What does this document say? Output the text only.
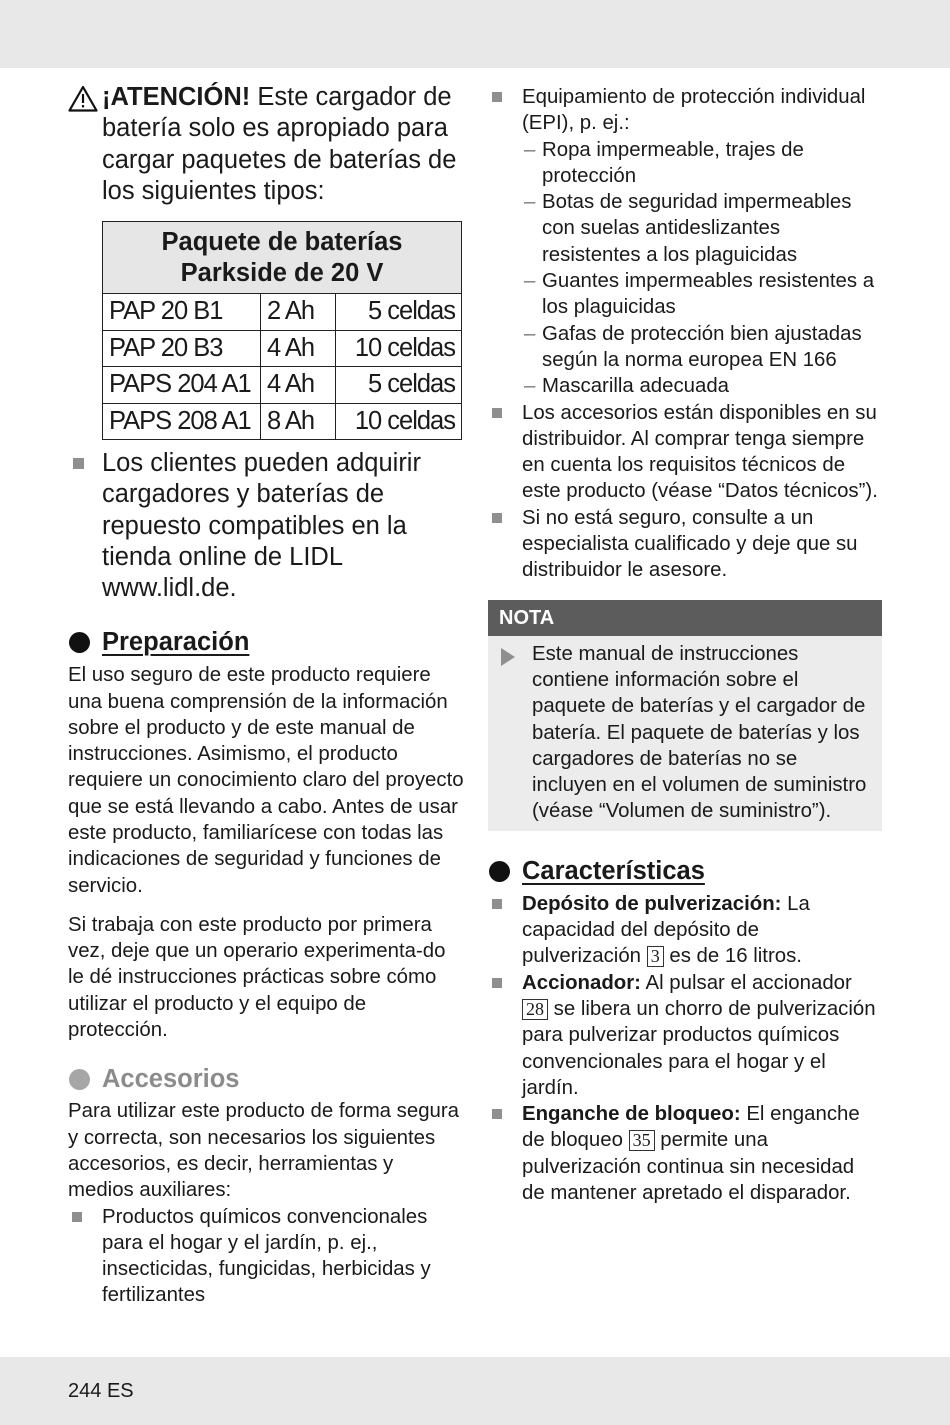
¡ATENCIÓN! Este cargador de batería solo es apropiado para cargar paquetes de baterías de los siguientes tipos:
Paquete de baterías
Parkside de 20 V		
PAP 20 B1	2 Ah	5 celdas
PAP 20 B3	4 Ah	10 celdas
PAPS 204 A1	4 Ah	5 celdas
PAPS 208 A1	8 Ah	10 celdas
Los clientes pueden adquirir cargadores y baterías de repuesto compatibles en la tienda online de LIDL www.lidl.de.
Preparación

El uso seguro de este producto requiere una buena comprensión de la información sobre el producto y de este manual de instrucciones. Asimismo, el producto requiere un conocimiento claro del proyecto que se está llevando a cabo. Antes de usar este producto, familiarícese con todas las indicaciones de seguridad y funciones de servicio.

Si trabaja con este producto por primera vez, deje que un operario experimenta-do le dé instrucciones prácticas sobre cómo utilizar el producto y el equipo de protección.

Accesorios

Para utilizar este producto de forma segura y correcta, son necesarios los siguientes accesorios, es decir, herramientas y medios auxiliares:

Productos químicos convencionales para el hogar y el jardín, p. ej., insecticidas, fungicidas, herbicidas y fertilizantes
Equipamiento de protección individual (EPI), p. ej.:
– Ropa impermeable, trajes de protección
– Botas de seguridad impermeables con suelas antideslizantes resistentes a los plaguicidas
– Guantes impermeables resistentes a los plaguicidas
– Gafas de protección bien ajustadas según la norma europea EN 166
– Mascarilla adecuada
Los accesorios están disponibles en su distribuidor. Al comprar tenga siempre en cuenta los requisitos técnicos de este producto (véase “Datos técnicos”).
Si no está seguro, consulte a un especialista cualificado y deje que su distribuidor le asesore.
NOTA
Este manual de instrucciones contiene información sobre el paquete de baterías y el cargador de batería. El paquete de baterías y los cargadores de baterías no se incluyen en el volumen de suministro (véase “Volumen de suministro”).
Características
Depósito de pulverización: La capacidad del depósito de pulverización 3 es de 16 litros.
Accionador: Al pulsar el accionador 28 se libera un chorro de pulverización para pulverizar productos químicos convencionales para el hogar y el jardín.
Enganche de bloqueo: El enganche de bloqueo 35 permite una pulverización continua sin necesidad de mantener apretado el disparador.
244 ES
